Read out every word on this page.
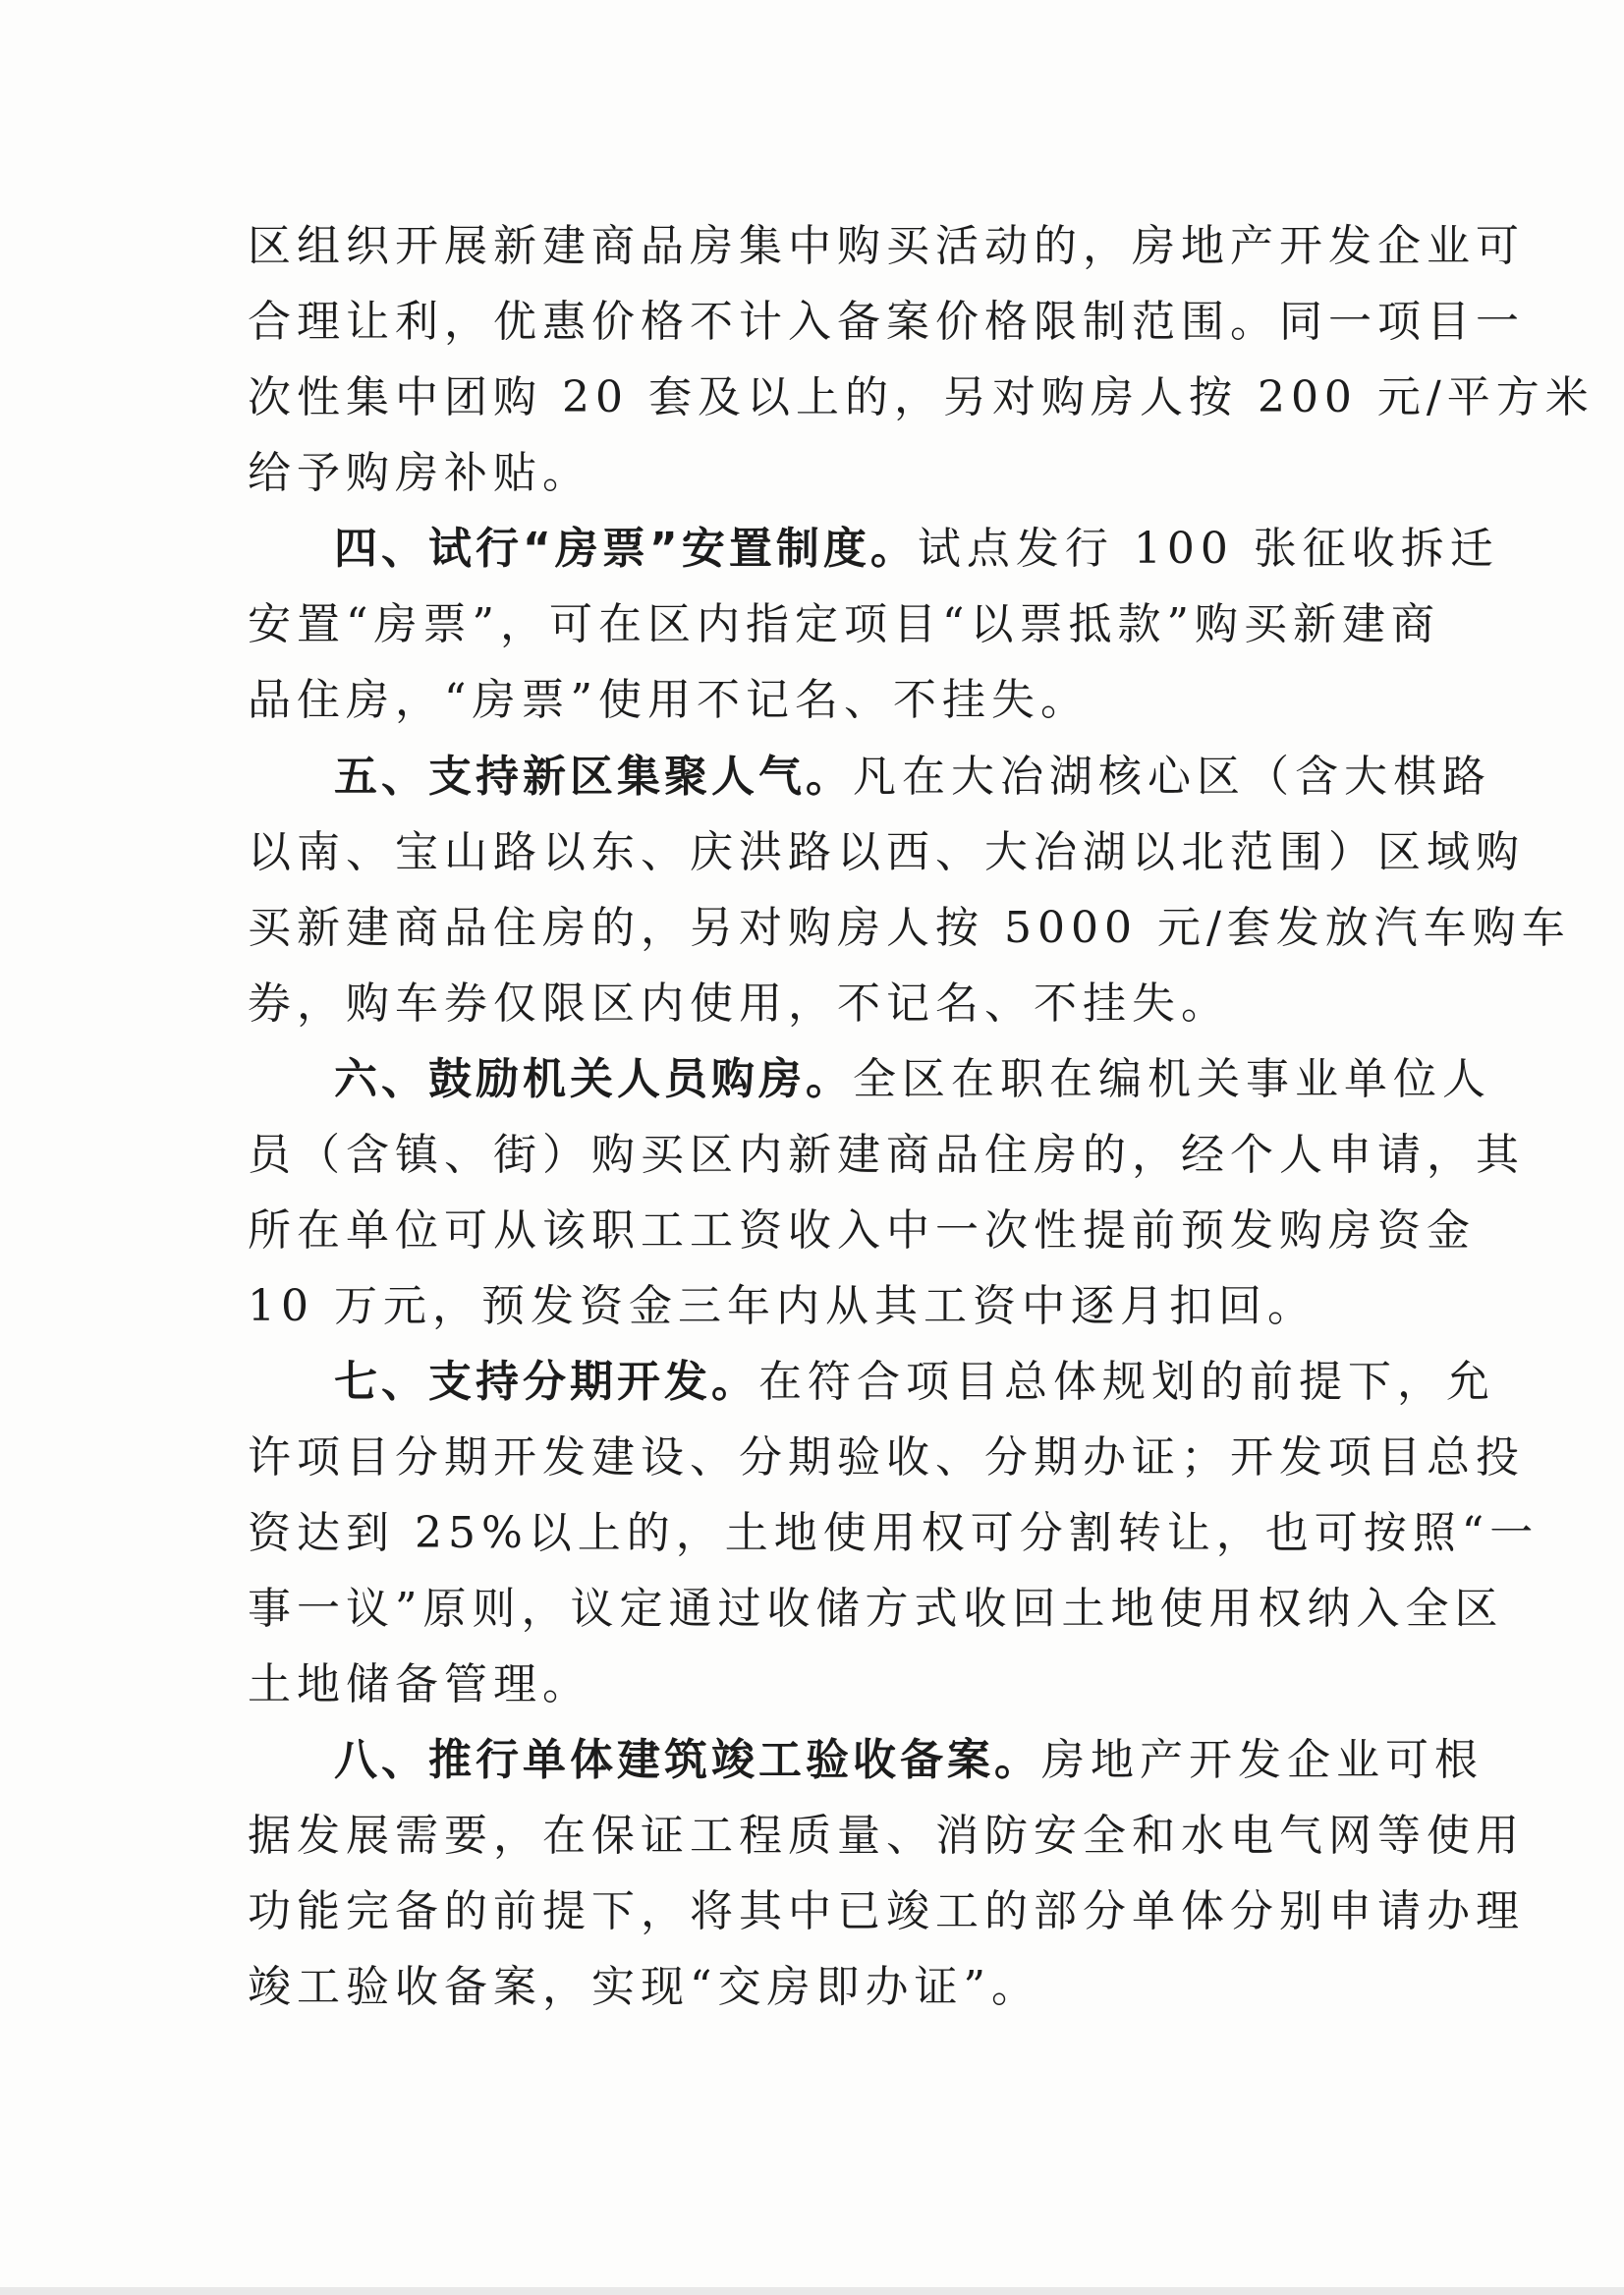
区组织开展新建商品房集中购买活动的，房地产开发企业可
合理让利，优惠价格不计入备案价格限制范围。同一项目一
次性集中团购 20 套及以上的，另对购房人按 200 元/平方米
给予购房补贴。
四、试行“房票”安置制度。试点发行 100 张征收拆迁
安置“房票”，可在区内指定项目“以票抵款”购买新建商
品住房，“房票”使用不记名、不挂失。
五、支持新区集聚人气。凡在大冶湖核心区（含大棋路
以南、宝山路以东、庆洪路以西、大冶湖以北范围）区域购
买新建商品住房的，另对购房人按 5000 元/套发放汽车购车
券，购车券仅限区内使用，不记名、不挂失。
六、鼓励机关人员购房。全区在职在编机关事业单位人
员（含镇、街）购买区内新建商品住房的，经个人申请，其
所在单位可从该职工工资收入中一次性提前预发购房资金
10 万元，预发资金三年内从其工资中逐月扣回。
七、支持分期开发。在符合项目总体规划的前提下，允
许项目分期开发建设、分期验收、分期办证；开发项目总投
资达到 25%以上的，土地使用权可分割转让，也可按照“一
事一议”原则，议定通过收储方式收回土地使用权纳入全区
土地储备管理。
八、推行单体建筑竣工验收备案。房地产开发企业可根
据发展需要，在保证工程质量、消防安全和水电气网等使用
功能完备的前提下，将其中已竣工的部分单体分别申请办理
竣工验收备案，实现“交房即办证”。
